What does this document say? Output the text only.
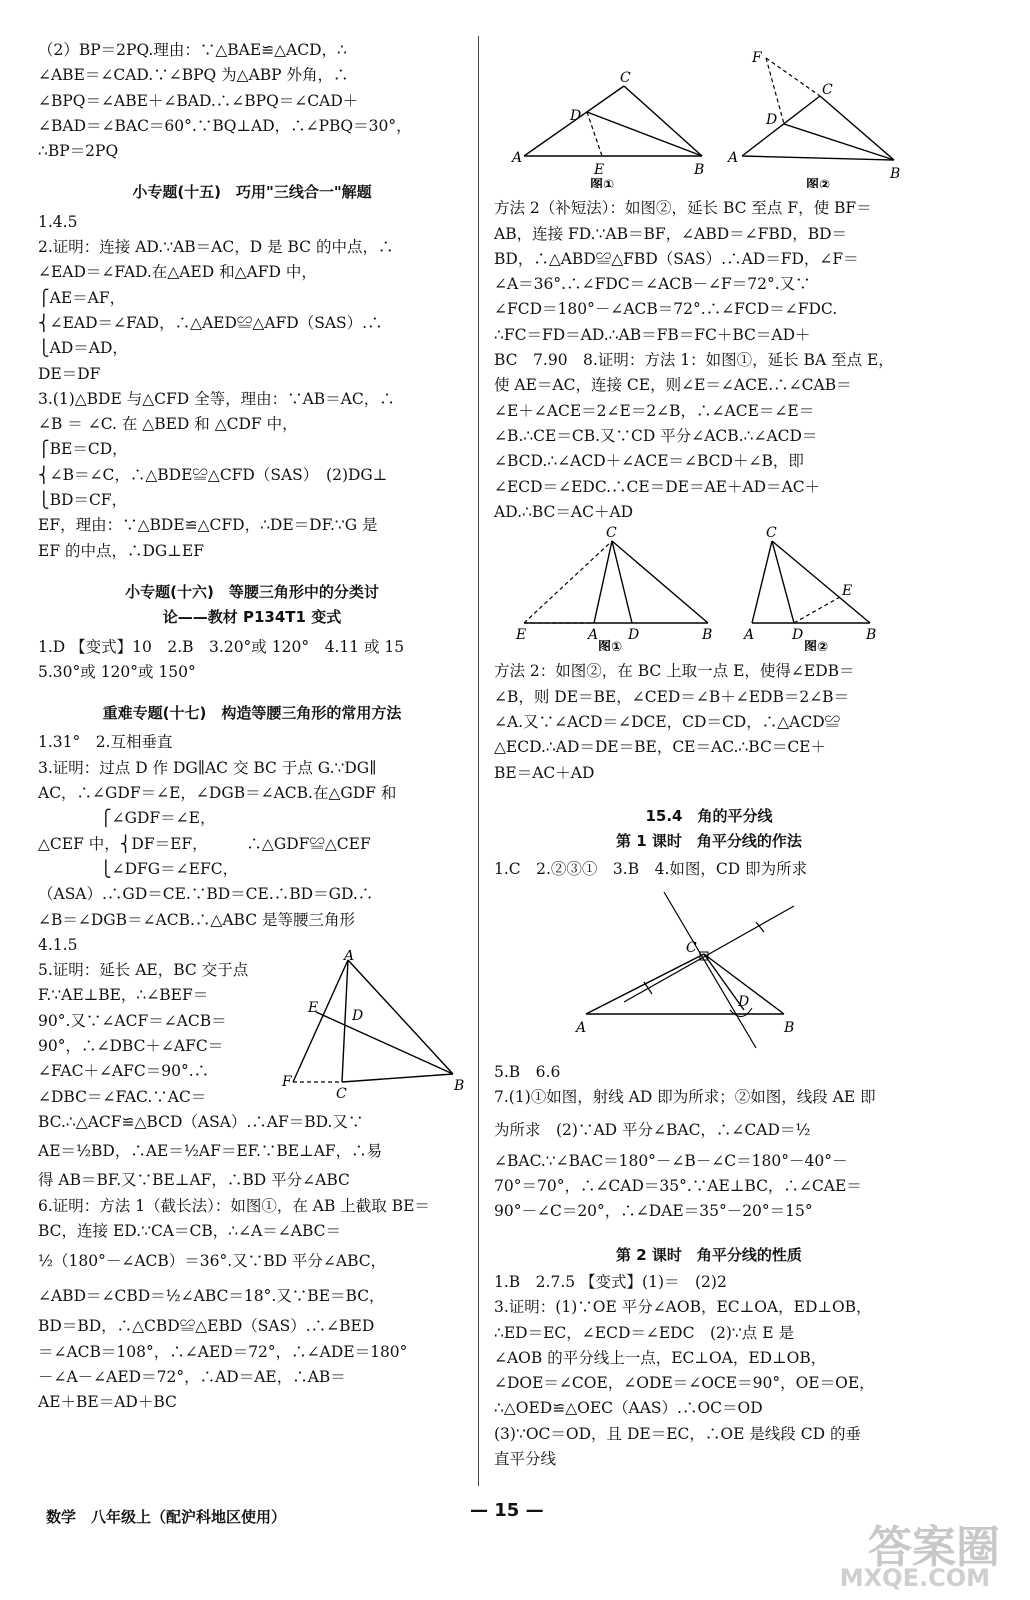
（2）BP＝2PQ.理由：∵△BAE≌△ACD，∴
∠ABE＝∠CAD.∵∠BPQ 为△ABP 外角，∴
∠BPQ＝∠ABE＋∠BAD.∴∠BPQ＝∠CAD＋
∠BAD＝∠BAC＝60°.∵BQ⊥AD，∴∠PBQ＝30°，
∴BP＝2PQ
小专题(十五)　巧用"三线合一"解题
1.4.5
2.证明：连接 AD.∵AB＝AC，D 是 BC 的中点，∴
∠EAD＝∠FAD.在△AED 和△AFD 中，
⎧AE＝AF，
⎨∠EAD＝∠FAD，∴△AED≌△AFD（SAS）.∴
⎩AD＝AD，
DE＝DF
3.(1)△BDE 与△CFD 全等，理由：∵AB＝AC，∴
∠B ＝ ∠C. 在 △BED 和 △CDF 中，
⎧BE＝CD，
⎨∠B＝∠C，∴△BDE≌△CFD（SAS）　(2)DG⊥
⎩BD＝CF，
EF，理由：∵△BDE≌△CFD，∴DE＝DF.∵G 是
EF 的中点，∴DG⊥EF
小专题(十六)　等腰三角形中的分类讨
论——教材 P134T1 变式
1.D 【变式】10　2.B　3.20°或 120°　4.11 或 15
5.30°或 120°或 150°
重难专题(十七)　构造等腰三角形的常用方法
1.31°　2.互相垂直
3.证明：过点 D 作 DG∥AC 交 BC 于点 G.∵DG∥
AC，∴∠GDF＝∠E，∠DGB＝∠ACB.在△GDF 和
　　　　⎧∠GDF＝∠E，
△CEF 中，⎨DF＝EF，　　　∴△GDF≌△CEF
　　　　⎩∠DFG＝∠EFC，
（ASA）.∴GD＝CE.∵BD＝CE.∴BD＝GD.∴
∠B＝∠DGB＝∠ACB.∴△ABC 是等腰三角形
4.1.5
5.证明：延长 AE，BC 交于点
F.∵AE⊥BE，∴∠BEF＝
90°.又∵∠ACF＝∠ACB＝
90°，∴∠DBC＋∠AFC＝
∠FAC＋∠AFC＝90°.∴
∠DBC＝∠FAC.∵AC＝
A
E D
F
C	B
BC.∴△ACF≌△BCD（ASA）.∴AF＝BD.又∵
AE＝½BD，∴AE＝½AF＝EF.∵BE⊥AF，∴易
得 AB＝BF.又∵BE⊥AF，∴BD 平分∠ABC
6.证明：方法 1（截长法）：如图①，在 AB 上截取 BE＝
BC，连接 ED.∵CA＝CB，∴∠A＝∠ABC＝
½（180°－∠ACB）＝36°.又∵BD 平分∠ABC，
∠ABD＝∠CBD＝½∠ABC＝18°.又∵BE＝BC，
BD＝BD，∴△CBD≌△EBD（SAS）.∴∠BED
＝∠ACB＝108°，∴∠AED＝72°，∴∠ADE＝180°
－∠A－∠AED＝72°，∴AD＝AE，∴AB＝
AE＋BE＝AD＋BC
C
D
A
E	B
图①
F
C
D
A
B
图②
方法 2（补短法）：如图②，延长 BC 至点 F，使 BF＝
AB，连接 FD.∵AB＝BF，∠ABD＝∠FBD，BD＝
BD，∴△ABD≌△FBD（SAS）.∴AD＝FD，∠F＝
∠A＝36°.∴∠FDC＝∠ACB－∠F＝72°.又∵
∠FCD＝180°－∠ACB＝72°.∴∠FCD＝∠FDC.
∴FC＝FD＝AD.∴AB＝FB＝FC＋BC＝AD＋
BC　7.90　8.证明：方法 1：如图①，延长 BA 至点 E，
使 AE＝AC，连接 CE，则∠E＝∠ACE.∴∠CAB＝
∠E＋∠ACE＝2∠E＝2∠B，∴∠ACE＝∠E＝
∠B.∴CE＝CB.又∵CD 平分∠ACB.∴∠ACD＝
∠BCD.∴∠ACD＋∠ACE＝∠BCD＋∠B，即
∠ECD＝∠EDC.∴CE＝DE＝AE＋AD＝AC＋
AD.∴BC＝AC＋AD
C
E	A D	B
图①
C
E
A	D	B
图②
方法 2：如图②，在 BC 上取一点 E，使得∠EDB＝
∠B，则 DE＝BE，∠CED＝∠B＋∠EDB＝2∠B＝
∠A.又∵∠ACD＝∠DCE，CD＝CD，∴△ACD≌
△ECD.∴AD＝DE＝BE，CE＝AC.∴BC＝CE＋
BE＝AC＋AD
15.4　角的平分线
第 1 课时　角平分线的作法
1.C　2.②③①　3.B　4.如图，CD 即为所求
C
D
A	B
5.B　6.6
7.(1)①如图，射线 AD 即为所求；②如图，线段 AE 即
为所求　(2)∵AD 平分∠BAC，∴∠CAD＝½
∠BAC.∵∠BAC＝180°－∠B－∠C＝180°－40°－
70°＝70°，∴∠CAD＝35°.∵AE⊥BC，∴∠CAE＝
90°－∠C＝20°，∴∠DAE＝35°－20°＝15°
第 2 课时　角平分线的性质
1.B　2.7.5 【变式】(1)＝　(2)2
3.证明：(1)∵OE 平分∠AOB，EC⊥OA，ED⊥OB，
∴ED＝EC，∠ECD＝∠EDC　(2)∵点 E 是
∠AOB 的平分线上一点，EC⊥OA，ED⊥OB，
∠DOE＝∠COE，∠ODE＝∠OCE＝90°，OE＝OE，
∴△OED≌△OEC（AAS）.∴OC＝OD
(3)∵OC＝OD，且 DE＝EC，∴OE 是线段 CD 的垂
直平分线
数学　八年级上（配沪科地区使用）	— 15 —
答案圈
MXQE.COM
